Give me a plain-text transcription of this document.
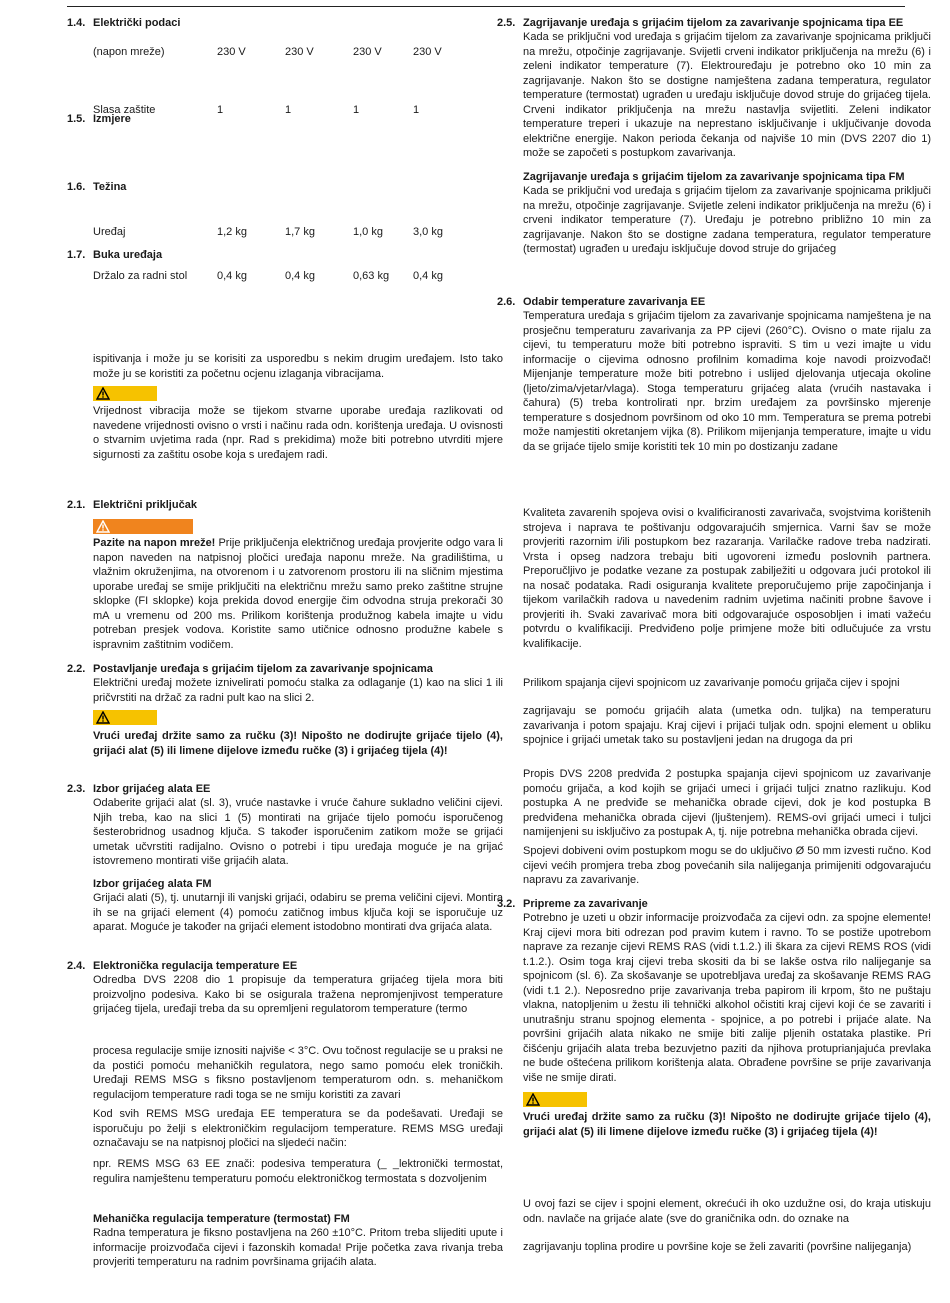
1.4. Električki podaci
(napon mreže)	230 V	230 V	230 V	230 V
Slasa zaštite	1	1	1	1
1.5. Izmjere
1.6. Težina
Uređaj	1,2 kg	1,7 kg	1,0 kg	3,0 kg
Držalo za radni stol	0,4 kg	0,4 kg	0,63 kg 0,4 kg
1.7. Buka uređaja
ispitivanja i može ju se korisiti za usporedbu s nekim drugim uređajem. Isto tako može ju se koristiti za početnu ocjenu izlaganja vibracijama.
Vrijednost vibracija može se tijekom stvarne uporabe uređaja razlikovati od navedene vrijednosti ovisno o vrsti i načinu rada odn. korištenja uređaja. U ovisnosti o stvarnim uvjetima rada (npr. Rad s prekidima) može biti potrebno utvrditi mjere sigurnosti za zaštitu osobe koja s uređajem radi.
2.1. Električni priključak
Pazite na napon mreže! Prije priključenja električnog uređaja provjerite odgo vara li napon naveden na natpisnoj pločici uređaja naponu mreže. Na gradilištima, u vlažnim okruženjima, na otvorenom i u zatvorenom prostoru ili na sličnim mjestima uporabe uređaj se smije priključiti na električnu mrežu samo preko zaštitne strujne sklopke (FI sklopke) koja prekida dovod energije čim odvodna struja prekorači 30 mA u vremenu od 200 ms. Prilikom korištenja produžnog kabela imajte u vidu potreban presjek vodova. Koristite samo utičnice odnosno produžne kabele s ispravnim zaštitnim vodičem.
2.2. Postavljanje uređaja s grijaćim tijelom za zavarivanje spojnicama
Električni uređaj možete iznivelirati pomoću stalka za odlaganje (1) kao na slici 1 ili pričvrstiti na držač za radni pult kao na slici 2.
Vrući uređaj držite samo za ručku (3)! Nipošto ne dodirujte grijaće tijelo (4), grijaći alat (5) ili limene dijelove između ručke (3) i grijaćeg tijela (4)!
2.3. Izbor grijaćeg alata EE
Odaberite grijaći alat (sl. 3), vruće nastavke i vruće čahure sukladno veličini cijevi. Njih treba, kao na slici 1 (5) montirati na grijaće tijelo pomoću isporučenog šesterobridnog usadnog ključa. S također isporučenim zatikom može se grijaći umetak učvrstiti radijalno. Ovisno o potrebi i tipu uređaja moguće je na grijać istovremeno montirati više grijaćih alata.
Izbor grijaćeg alata FM
Grijaći alati (5), tj. unutarnji ili vanjski grijaći, odabiru se prema veličini cijevi. Montira ih se na grijaći element (4) pomoću zatičnog imbus ključa koji se isporučuje uz aparat. Moguće je također na grijaći element istodobno montirati dva grijaća alata.
2.4. Elektronička regulacija temperature EE
Odredba DVS 2208 dio 1 propisuje da temperatura grijaćeg tijela mora biti proizvoljno podesiva. Kako bi se osigurala tražena nepromjenjivost temperature grijaćeg tijela, uređaji treba da su opremljeni regulatorom temperature (termo
procesa regulacije smije iznositi najviše < 3°C. Ovu točnost regulacije se u praksi ne da postići pomoću mehaničkih regulatora, nego samo pomoću elek troničkih. Uređaji REMS MSG s fiksno postavljenom temperaturom odn. s. mehaničkom regulacijom temperature radi toga se ne smiju koristiti za zavari
Kod svih REMS MSG uređaja EE temperatura se da podešavati. Uređaji se isporučuju po želji s elektroničkim regulacijom temperature. REMS MSG uređaji označavaju se na natpisnoj pločici na sljedeći način:
npr. REMS MSG 63 EE znači: podesiva temperatura (_ _lektronički termostat, regulira namještenu temperaturu pomoću elektroničkog termostata s dozvoljenim
Mehanička regulacija temperature (termostat) FM
Radna temperatura je fiksno postavljena na 260 ±10°C. Pritom treba slijediti upute i informacije proizvođača cijevi i fazonskih komada! Prije početka zava rivanja treba provjeriti temperaturu na radnim površinama grijaćih alata.
2.5. Zagrijavanje uređaja s grijaćim tijelom za zavarivanje spojnicama tipa EE
Kada se priključni vod uređaja s grijaćim tijelom za zavarivanje spojnicama priključi na mrežu, otpočinje zagrijavanje. Svijetli crveni indikator priključenja na mrežu (6) i zeleni indikator temperature (7). Elektrouređaju je potrebno oko 10 min za zagrijavanje. Nakon što se dostigne namještena zadana temperatura, regulator temperature (termostat) ugrađen u uređaju isključuje dovod struje do grijaćeg tijela. Crveni indikator priključenja na mrežu nastavlja svijetliti. Zeleni indikator temperature treperi i ukazuje na neprestano isključivanje i uključivanje dovoda električne energije. Nakon perioda čekanja od najviše 10 min (DVS 2207 dio 1) može se započeti s postupkom zavarivanja.
Zagrijavanje uređaja s grijaćim tijelom za zavarivanje spojnicama tipa FM
Kada se priključni vod uređaja s grijaćim tijelom za zavarivanje spojnicama priključi na mrežu, otpočinje zagrijavanje. Svijetle zeleni indikator priključenja na mrežu (6) i crveni indikator temperature (7). Uređaju je potrebno približno 10 min za zagrijavanje. Nakon što se dostigne zadana temperatura, regulator temperature (termostat) ugrađen u uređaju isključuje dovod struje do grijaćeg
2.6. Odabir temperature zavarivanja EE
Temperatura uređaja s grijaćim tijelom za zavarivanje spojnicama namještena je na prosječnu temperaturu zavarivanja za PP cijevi (260°C). Ovisno o mate rijalu za cijevi, tu temperaturu može biti potrebno ispraviti. S tim u vezi imajte u vidu informacije o cijevima odnosno profilnim komadima koje navodi proizvođač! Mijenjanje temperature može biti potrebno i uslijed djelovanja utjecaja okoline (ljeto/zima/vjetar/vlaga). Stoga temperaturu grijaćeg alata (vrućih nastavaka i čahura) (5) treba kontrolirati npr. brzim uređajem za površinsko mjerenje temperature s dosjednom površinom od oko 10 mm. Temperatura se prema potrebi može namjestiti okretanjem vijka (8). Prilikom mijenjanja temperature, imajte u vidu da se grijaće tijelo smije koristiti tek 10 min po dostizanju zadane
Kvaliteta zavarenih spojeva ovisi o kvalificiranosti zavarivača, svojstvima korištenih strojeva i naprava te poštivanju odgovarajućih smjernica. Varni šav se može provjeriti razornim i/ili postupkom bez razaranja. Varilačke radove treba nadzirati. Vrsta i opseg nadzora trebaju biti ugovoreni između poslovnih partnera. Preporučljivo je podatke vezane za postupak zabilježiti u odgovara jući protokol ili na nosač podataka. Radi osiguranja kvalitete preporučujemo prije započinjanja i tijekom varilačkih radova u navedenim radnim uvjetima načiniti probne šavove i provjeriti ih. Svaki zavarivač mora biti odgovarajuće osposobljen i imati važeću potvrdu o kvalifikaciji. Predviđeno polje primjene može biti odlučujuće za vrstu kvalifikacije.
Prilikom spajanja cijevi spojnicom uz zavarivanje pomoću grijača cijev i spojni
zagrijavaju se pomoću grijaćih alata (umetka odn. tuljka) na temperaturu zavarivanja i potom spajaju. Kraj cijevi i prijaći tuljak odn. spojni element u obliku spojnice i grijaći umetak tako su postavljeni jedan na drugoga da pri
Propis DVS 2208 predviđa 2 postupka spajanja cijevi spojnicom uz zavarivanje pomoću grijača, a kod kojih se grijaći umeci i grijaći tuljci znatno razlikuju. Kod postupka A ne predviđe se mehanička obrade cijevi, dok je kod postupka B predviđena mehanička obrada cijevi (ljuštenjem). REMS-ovi grijaći umeci i tuljci namijenjeni su isključivo za postupak A, tj. nije potrebna mehanička obrada cijevi.
Spojevi dobiveni ovim postupkom mogu se do uključivo Ø 50 mm izvesti ručno. Kod cijevi većih promjera treba zbog povećanih sila nalijeganja primijeniti odgovarajuću napravu za zavarivanje.
3.2. Pripreme za zavarivanje
Potrebno je uzeti u obzir informacije proizvođača za cijevi odn. za spojne elemente! Kraj cijevi mora biti odrezan pod pravim kutem i ravno. To se postiže upotrebom naprave za rezanje cijevi REMS RAS (vidi t.1.2.) ili škara za cijevi REMS ROS (vidi t.1.2.). Osim toga kraj cijevi treba skositi da bi se lakše ostva rilo nalijeganje sa spojnicom (sl. 6). Za skošavanje se upotrebljava uređaj za skošavanje REMS RAG (vidi t.1 2.). Neposredno prije zavarivanja treba papirom ili krpom, što ne puštaju vlakna, natopljenim u žestu ili tehnički alkohol očistiti kraj cijevi koji će se zavariti i unutrašnju stranu spojnog elementa - spojnice, a po potrebi i prijaće alate. Na površini grijaćih alata nikako ne smije biti zalije pljenih ostataka plastike. Pri čišćenju grijaćih alata treba bezuvjetno paziti da njihova protuprianjajuća prevlaka ne bude oštećena prilikom korištenja alata. Obrađene površine se prije zavarivanja više ne smije dirati.
Vrući uređaj držite samo za ručku (3)! Nipošto ne dodirujte grijaće tijelo (4), grijaći alat (5) ili limene dijelove između ručke (3) i grijaćeg tijela (4)!
U ovoj fazi se cijev i spojni element, okrećući ih oko uzdužne osi, do kraja utiskuju odn. navlače na grijaće alate (sve do graničnika odn. do oznake na
zagrijavanju toplina prodire u površine koje se želi zavariti (površine nalijeganja)
